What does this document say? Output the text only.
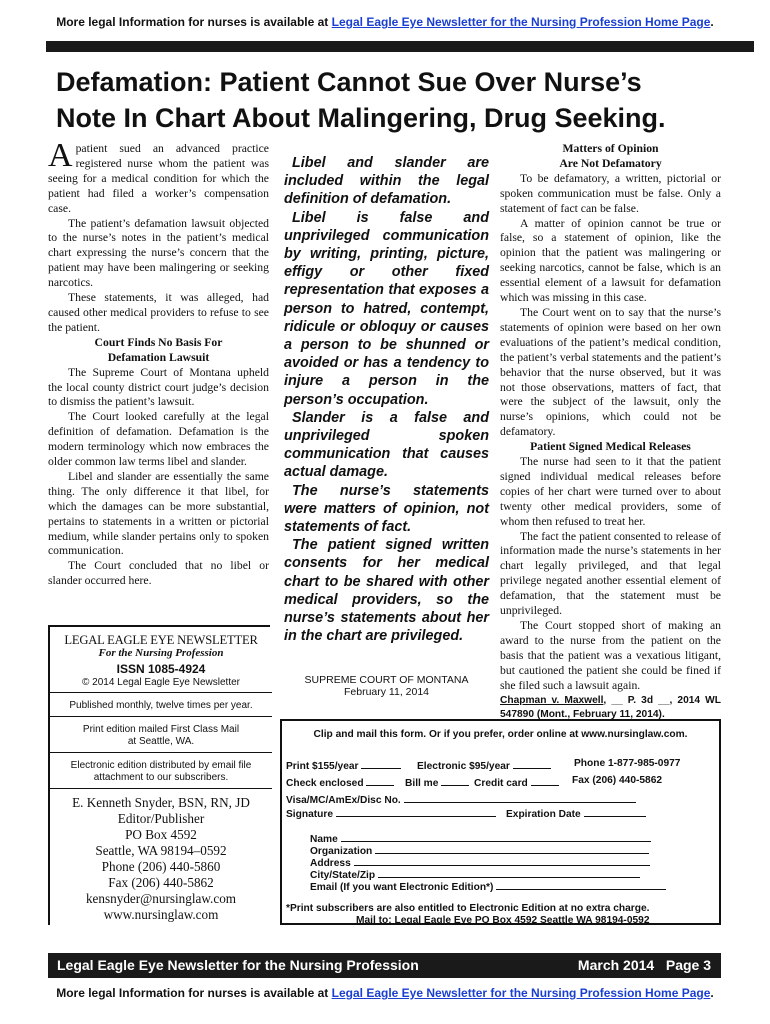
More legal Information for nurses is available at Legal Eagle Eye Newsletter for the Nursing Profession Home Page.
Defamation: Patient Cannot Sue Over Nurse’s
Note In Chart About Malingering, Drug Seeking.

Apatient sued an advanced practice registered nurse whom the patient was seeing for a medical condition for which the patient had filed a worker’s compensation case.

The patient’s defamation lawsuit objected to the nurse’s notes in the patient’s medical chart expressing the nurse’s concern that the patient may have been malingering or seeking narcotics.

These statements, it was alleged, had caused other medical providers to refuse to see the patient.

Court Finds No Basis For
Defamation Lawsuit

The Supreme Court of Montana upheld the local county district court judge’s decision to dismiss the patient’s lawsuit.

The Court looked carefully at the legal definition of defamation. Defamation is the modern terminology which now embraces the older common law terms libel and slander.

Libel and slander are essentially the same thing. The only difference it that libel, for which the damages can be more substantial, pertains to statements in a written or pictorial medium, while slander pertains only to spoken communication.

The Court concluded that no libel or slander occurred here.

Libel and slander are included within the legal definition of defamation.

Libel is false and unprivileged communication by writing, printing, picture, effigy or other fixed representation that exposes a person to hatred, contempt, ridicule or obloquy or causes a person to be shunned or avoided or has a tendency to injure a person in the person’s occupation.

Slander is a false and unprivileged spoken communication that causes actual damage.

The nurse’s statements were matters of opinion, not statements of fact.

The patient signed written consents for her medical chart to be shared with other medical providers, so the nurse’s statements about her in the chart are privileged.

SUPREME COURT OF MONTANA
February 11, 2014
Matters of Opinion
Are Not Defamatory

To be defamatory, a written, pictorial or spoken communication must be false. Only a statement of fact can be false.

A matter of opinion cannot be true or false, so a statement of opinion, like the opinion that the patient was malingering or seeking narcotics, cannot be false, which is an essential element of a lawsuit for defamation which was missing in this case.

The Court went on to say that the nurse’s statements of opinion were based on her own evaluations of the patient’s medical condition, the patient’s verbal statements and the patient’s behavior that the nurse observed, but it was not those observations, matters of fact, that were the subject of the lawsuit, only the nurse’s opinions, which could not be defamatory.

Patient Signed Medical Releases

The nurse had seen to it that the patient signed individual medical releases before copies of her chart were turned over to about twenty other medical providers, some of whom then refused to treat her.

The fact the patient consented to release of information made the nurse’s statements in her chart legally privileged, and that legal privilege negated another essential element of defamation, that the statement must be unprivileged.

The Court stopped short of making an award to the nurse from the patient on the basis that the patient was a vexatious litigant, but cautioned the patient she could be fined if she filed such a lawsuit again.

Chapman v. Maxwell, __ P. 3d __, 2014 WL 547890 (Mont., February 11, 2014).

LEGAL EAGLE EYE NEWSLETTER
For the Nursing Profession
ISSN 1085-4924
© 2014 Legal Eagle Eye Newsletter
Published monthly, twelve times per year.
Print edition mailed First Class Mail
at Seattle, WA.
Electronic edition distributed by email file
attachment to our subscribers.
E. Kenneth Snyder, BSN, RN, JD
Editor/Publisher
PO Box 4592
Seattle, WA 98194–0592
Phone (206) 440-5860
Fax (206) 440-5862
kensnyder@nursinglaw.com
www.nursinglaw.com
Clip and mail this form. Or if you prefer, order online at www.nursinglaw.com.
Print $155/year	Electronic $95/year	Phone 1-877-985-0977
Check enclosed	Bill me	Credit card	Fax (206) 440-5862
Visa/MC/AmEx/Disc No.
Signature	Expiration Date
Name
Organization
Address
City/State/Zip
Email (If you want Electronic Edition*)
*Print subscribers are also entitled to Electronic Edition at no extra charge.
Mail to: Legal Eagle Eye PO Box 4592 Seattle WA 98194-0592
Legal Eagle Eye Newsletter for the Nursing Profession	March 2014   Page 3
More legal Information for nurses is available at Legal Eagle Eye Newsletter for the Nursing Profession Home Page.
